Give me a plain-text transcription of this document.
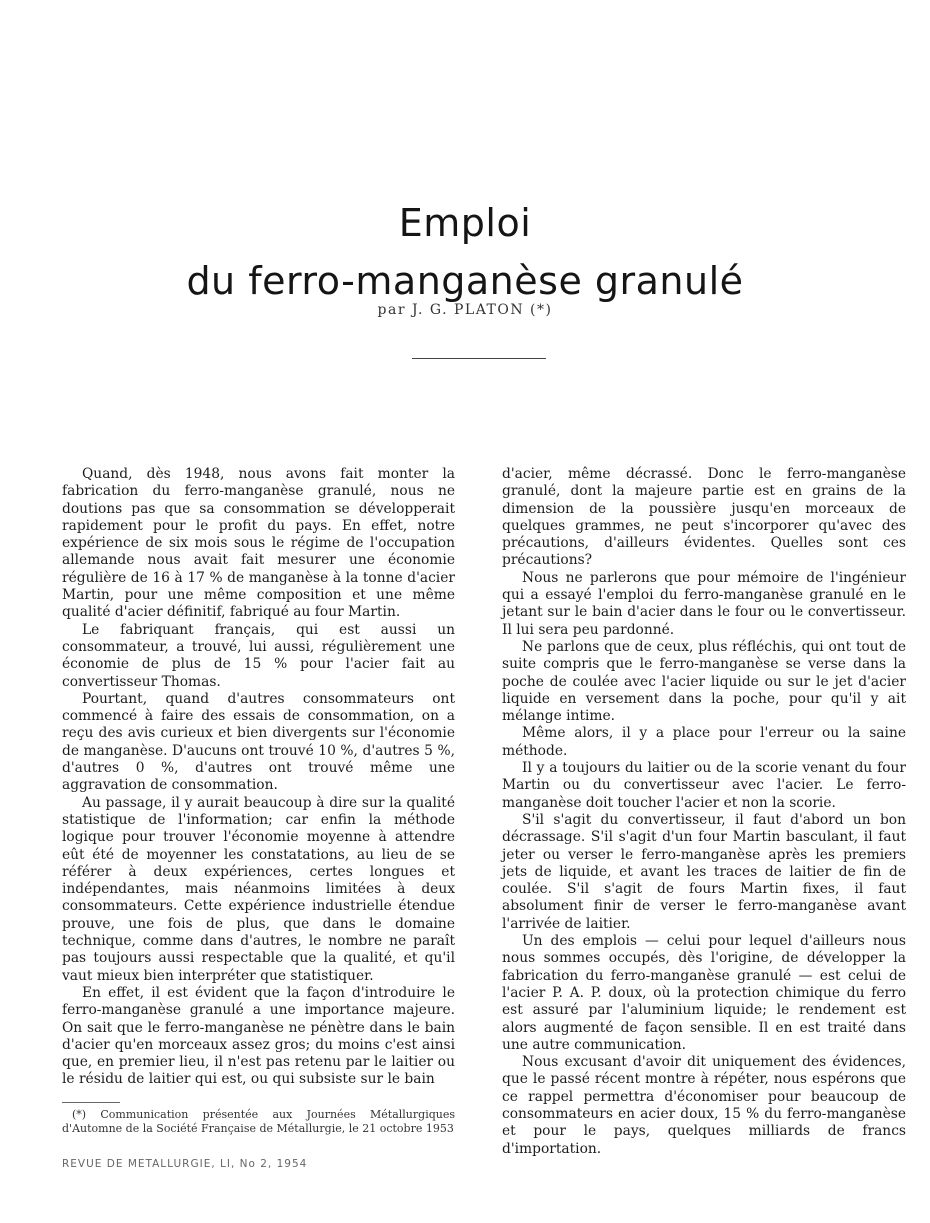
Emploi
du ferro-manganèse granulé
par J. G. PLATON (*)

Quand, dès 1948, nous avons fait monter la fabrication du ferro-manganèse granulé, nous ne doutions pas que sa consommation se développerait rapidement pour le profit du pays. En effet, notre expérience de six mois sous le régime de l'occupation allemande nous avait fait mesurer une économie régulière de 16 à 17 % de manganèse à la tonne d'acier Martin, pour une même composition et une même qualité d'acier définitif, fabriqué au four Martin.

Le fabriquant français, qui est aussi un consommateur, a trouvé, lui aussi, régulièrement une économie de plus de 15 % pour l'acier fait au convertisseur Thomas.

Pourtant, quand d'autres consommateurs ont commencé à faire des essais de consommation, on a reçu des avis curieux et bien divergents sur l'économie de manganèse. D'aucuns ont trouvé 10 %, d'autres 5 %, d'autres 0 %, d'autres ont trouvé même une aggravation de consommation.

Au passage, il y aurait beaucoup à dire sur la qualité statistique de l'information; car enfin la méthode logique pour trouver l'économie moyenne à attendre eût été de moyenner les constatations, au lieu de se référer à deux expériences, certes longues et indépendantes, mais néanmoins limitées à deux consommateurs. Cette expérience industrielle étendue prouve, une fois de plus, que dans le domaine technique, comme dans d'autres, le nombre ne paraît pas toujours aussi respectable que la qualité, et qu'il vaut mieux bien interpréter que statistiquer.

En effet, il est évident que la façon d'introduire le ferro-manganèse granulé a une importance majeure. On sait que le ferro-manganèse ne pénètre dans le bain d'acier qu'en morceaux assez gros; du moins c'est ainsi que, en premier lieu, il n'est pas retenu par le laitier ou le résidu de laitier qui est, ou qui subsiste sur le bain

d'acier, même décrassé. Donc le ferro-manganèse granulé, dont la majeure partie est en grains de la dimension de la poussière jusqu'en morceaux de quelques grammes, ne peut s'incorporer qu'avec des précautions, d'ailleurs évidentes. Quelles sont ces précautions?

Nous ne parlerons que pour mémoire de l'ingénieur qui a essayé l'emploi du ferro-manganèse granulé en le jetant sur le bain d'acier dans le four ou le convertisseur. Il lui sera peu pardonné.

Ne parlons que de ceux, plus réfléchis, qui ont tout de suite compris que le ferro-manganèse se verse dans la poche de coulée avec l'acier liquide ou sur le jet d'acier liquide en versement dans la poche, pour qu'il y ait mélange intime.

Même alors, il y a place pour l'erreur ou la saine méthode.

Il y a toujours du laitier ou de la scorie venant du four Martin ou du convertisseur avec l'acier. Le ferro-manganèse doit toucher l'acier et non la scorie.

S'il s'agit du convertisseur, il faut d'abord un bon décrassage. S'il s'agit d'un four Martin basculant, il faut jeter ou verser le ferro-manganèse après les premiers jets de liquide, et avant les traces de laitier de fin de coulée. S'il s'agit de fours Martin fixes, il faut absolument finir de verser le ferro-manganèse avant l'arrivée de laitier.

Un des emplois — celui pour lequel d'ailleurs nous nous sommes occupés, dès l'origine, de développer la fabrication du ferro-manganèse granulé — est celui de l'acier P. A. P. doux, où la protection chimique du ferro est assuré par l'aluminium liquide; le rendement est alors augmenté de façon sensible. Il en est traité dans une autre communication.

Nous excusant d'avoir dit uniquement des évidences, que le passé récent montre à répéter, nous espérons que ce rappel permettra d'économiser pour beaucoup de consommateurs en acier doux, 15 % du ferro-manganèse et pour le pays, quelques milliards de francs d'importation.

(*) Communication présentée aux Journées Métallurgiques d'Automne de la Société Française de Métallurgie, le 21 octobre 1953
REVUE DE METALLURGIE, LI, No 2, 1954
